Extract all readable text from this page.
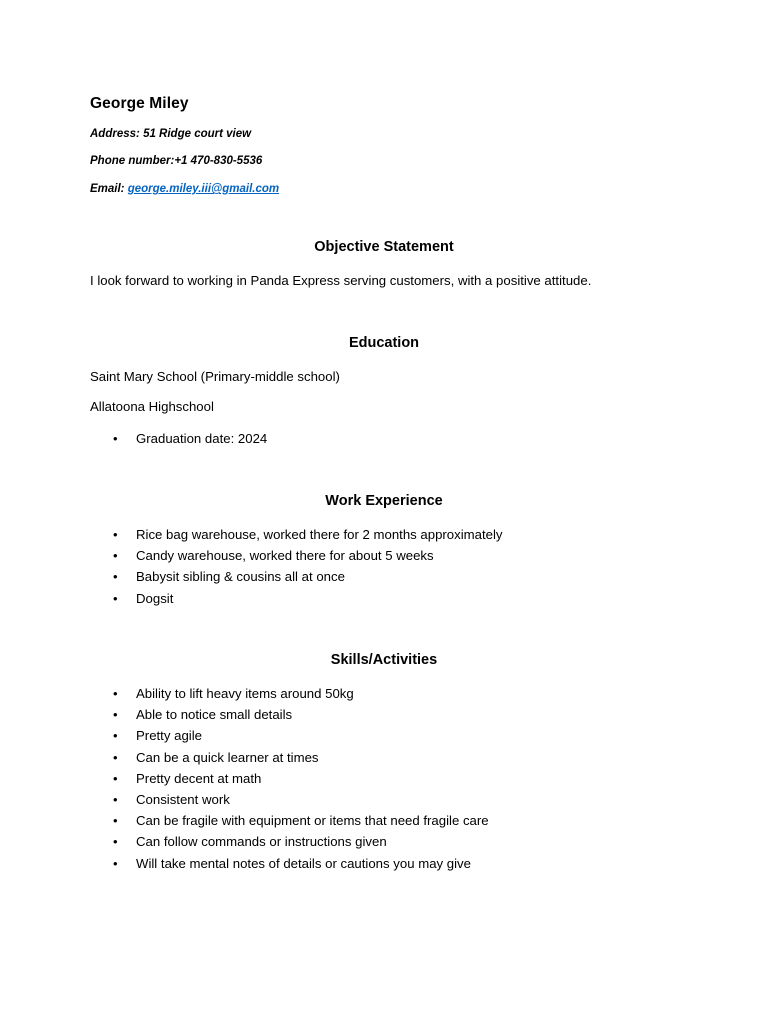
George Miley
Address: 51 Ridge court view
Phone number:+1 470-830-5536
Email: george.miley.iii@gmail.com
Objective Statement
I look forward to working in Panda Express serving customers, with a positive attitude.
Education
Saint Mary School (Primary-middle school)
Allatoona Highschool
• Graduation date: 2024
Work Experience
• Rice bag warehouse, worked there for 2 months approximately
• Candy warehouse, worked there for about 5 weeks
• Babysit sibling & cousins all at once
• Dogsit
Skills/Activities
• Ability to lift heavy items around 50kg
• Able to notice small details
• Pretty agile
• Can be a quick learner at times
• Pretty decent at math
• Consistent work
• Can be fragile with equipment or items that need fragile care
• Can follow commands or instructions given
• Will take mental notes of details or cautions you may give
